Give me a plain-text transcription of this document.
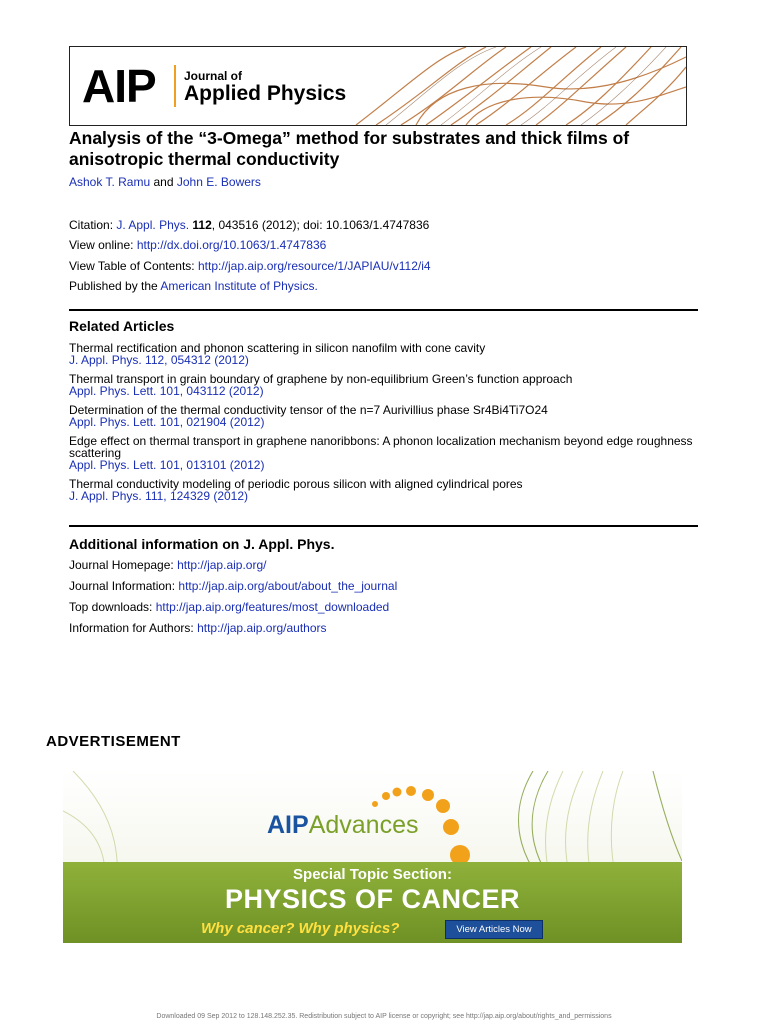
AIP Journal of
Applied Physics
Analysis of the “3-Omega” method for substrates and thick films of anisotropic thermal conductivity
Ashok T. Ramu and John E. Bowers
Citation: J. Appl. Phys. 112, 043516 (2012); doi: 10.1063/1.4747836
View online: http://dx.doi.org/10.1063/1.4747836
View Table of Contents: http://jap.aip.org/resource/1/JAPIAU/v112/i4
Published by the American Institute of Physics.
Related Articles
Thermal rectification and phonon scattering in silicon nanofilm with cone cavity
J. Appl. Phys. 112, 054312 (2012)
Thermal transport in grain boundary of graphene by non-equilibrium Green’s function approach
Appl. Phys. Lett. 101, 043112 (2012)
Determination of the thermal conductivity tensor of the n=7 Aurivillius phase Sr4Bi4Ti7O24
Appl. Phys. Lett. 101, 021904 (2012)
Edge effect on thermal transport in graphene nanoribbons: A phonon localization mechanism beyond edge roughness scattering
Appl. Phys. Lett. 101, 013101 (2012)
Thermal conductivity modeling of periodic porous silicon with aligned cylindrical pores
J. Appl. Phys. 111, 124329 (2012)
Additional information on J. Appl. Phys.
Journal Homepage: http://jap.aip.org/
Journal Information: http://jap.aip.org/about/about_the_journal
Top downloads: http://jap.aip.org/features/most_downloaded
Information for Authors: http://jap.aip.org/authors
ADVERTISEMENT
AIPAdvances
Special Topic Section:
PHYSICS OF CANCER
Why cancer? Why physics?	View Articles Now
Downloaded 09 Sep 2012 to 128.148.252.35. Redistribution subject to AIP license or copyright; see http://jap.aip.org/about/rights_and_permissions
